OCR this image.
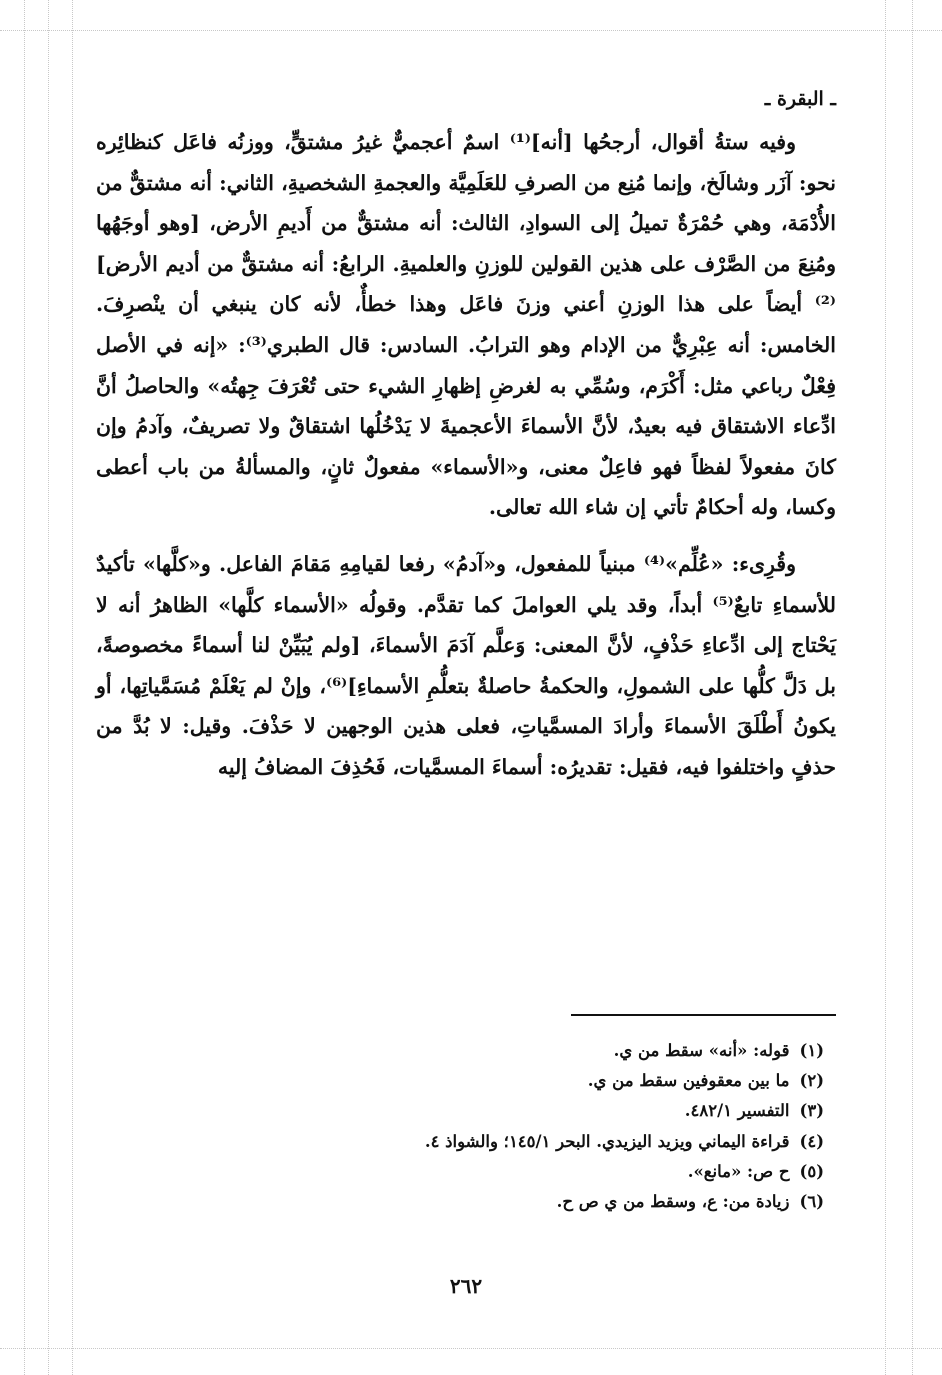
ـ البقرة ـ

وفيه ستةُ أقوال، أرجحُها [أنه]⁽¹⁾ اسمٌ أعجميٌّ غيرُ مشتقٍّ، ووزنُه فاعَل كنظائِره نحو: آزَر وشالَخ، وإنما مُنِع من الصرفِ للعَلَمِيَّة والعجمةِ الشخصيةِ، الثاني: أنه مشتقٌّ من الأُدْمَة، وهي حُمْرَةٌ تميلُ إلى السوادِ، الثالث: أنه مشتقٌّ من أَديمِ الأرض، [وهو أوجَهُها ومُنِعَ من الصَّرْف على هذين القولين للوزنِ والعلميةِ. الرابعُ: أنه مشتقٌّ من أديم الأرض]⁽²⁾ أيضاً على هذا الوزنِ أعني وزنَ فاعَل وهذا خطأٌ، لأنه كان ينبغي أن ينْصرِفَ. الخامس: أنه عِبْرِيٌّ من الإدام وهو الترابُ. السادس: قال الطبري⁽³⁾: «إنه في الأصل فِعْلٌ رباعي مثل: أَكْرَم، وسُمِّي به لغرضِ إظهارِ الشيء حتى تُعْرَفَ جِهتُه» والحاصلُ أنَّ ادِّعاء الاشتقاق فيه بعيدٌ، لأنَّ الأسماءَ الأعجميةَ لا يَدْخُلُها اشتقاقٌ ولا تصريفٌ، وآدمُ وإن كانَ مفعولاً لفظاً فهو فاعِلٌ معنى، و«الأسماء» مفعولٌ ثانٍ، والمسألةُ من باب أعطى وكسا، وله أحكامٌ تأتي إن شاء الله تعالى.

وقُرِىء: «عُلِّم»⁽⁴⁾ مبنياً للمفعول، و«آدمُ» رفعا لقيامِهِ مَقامَ الفاعل. و«كلَّها» تأكيدٌ للأسماءِ تابعٌ⁽⁵⁾ أبداً، وقد يلي العواملَ كما تقدَّم. وقولُه «الأسماء كلَّها» الظاهرُ أنه لا يَحْتاج إلى ادِّعاءِ حَذْفٍ، لأنَّ المعنى: وَعلَّم آدَمَ الأسماءَ، [ولم يُبَيِّنْ لنا أسماءً مخصوصةً، بل دَلَّ كلُّها على الشمولِ، والحكمةُ حاصلةٌ بتعلُّمِ الأسماءِ]⁽⁶⁾، وإنْ لم يَعْلَمْ مُسَمَّياتِها، أو يكونُ أَطْلَقَ الأسماءَ وأرادَ المسمَّياتِ، فعلى هذين الوجهين لا حَذْفَ. وقيل: لا بُدَّ من حذفٍ واختلفوا فيه، فقيل: تقديرُه: أسماءَ المسمَّيات، فَحُذِفَ المضافُ إليه

(١)قوله: «أنه» سقط من ي.
(٢)ما بين معقوفين سقط من ي.
(٣)التفسير ٤٨٢/١.
(٤)قراءة اليماني ويزيد اليزيدي. البحر ١٤٥/١؛ والشواذ ٤.
(٥)ح ص: «مانع».
(٦)زيادة من: ع، وسقط من ي ص ح.
٢٦٢
